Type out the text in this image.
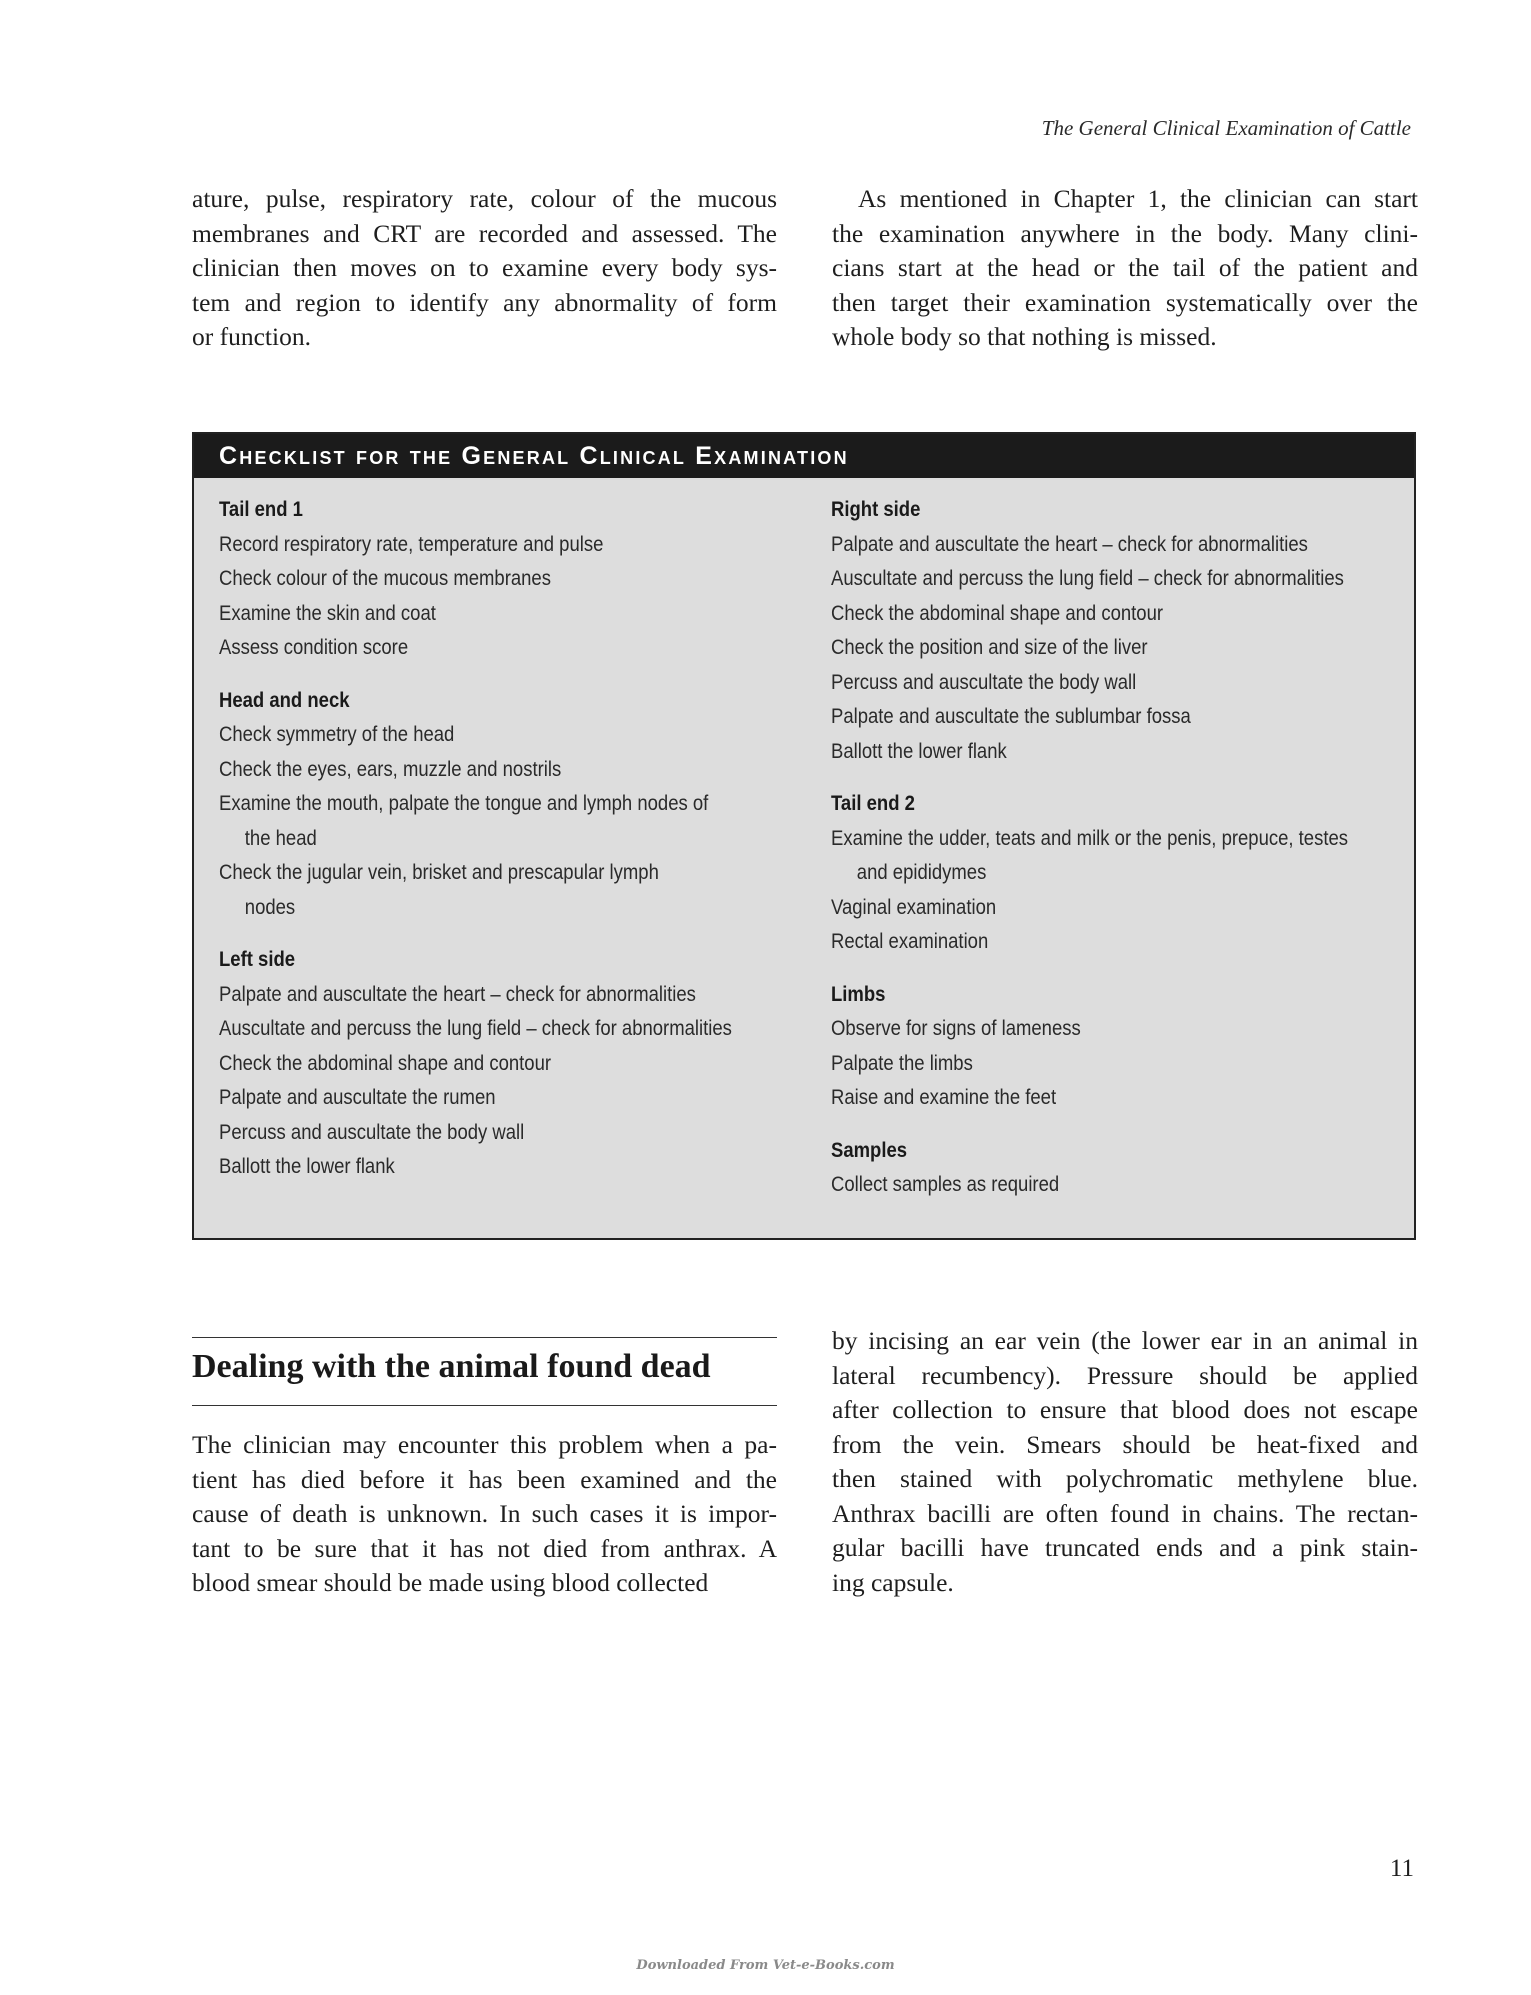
The General Clinical Examination of Cattle
ature, pulse, respiratory rate, colour of the mucous
membranes and CRT are recorded and assessed. The
clinician then moves on to examine every body sys-
tem and region to identify any abnormality of form
or function.
As mentioned in Chapter 1, the clinician can start
the examination anywhere in the body. Many clini-
cians start at the head or the tail of the patient and
then target their examination systematically over the
whole body so that nothing is missed.
Checklist for the General Clinical Examination
Tail end 1
Record respiratory rate, temperature and pulse
Check colour of the mucous membranes
Examine the skin and coat
Assess condition score
Head and neck
Check symmetry of the head
Check the eyes, ears, muzzle and nostrils
Examine the mouth, palpate the tongue and lymph nodes of
the head
Check the jugular vein, brisket and prescapular lymph
nodes
Left side
Palpate and auscultate the heart – check for abnormalities
Auscultate and percuss the lung field – check for abnormalities
Check the abdominal shape and contour
Palpate and auscultate the rumen
Percuss and auscultate the body wall
Ballott the lower flank
Right side
Palpate and auscultate the heart – check for abnormalities
Auscultate and percuss the lung field – check for abnormalities
Check the abdominal shape and contour
Check the position and size of the liver
Percuss and auscultate the body wall
Palpate and auscultate the sublumbar fossa
Ballott the lower flank
Tail end 2
Examine the udder, teats and milk or the penis, prepuce, testes
and epididymes
Vaginal examination
Rectal examination
Limbs
Observe for signs of lameness
Palpate the limbs
Raise and examine the feet
Samples
Collect samples as required
Dealing with the animal found dead
The clinician may encounter this problem when a pa-
tient has died before it has been examined and the
cause of death is unknown. In such cases it is impor-
tant to be sure that it has not died from anthrax. A
blood smear should be made using blood collected
by incising an ear vein (the lower ear in an animal in
lateral recumbency). Pressure should be applied
after collection to ensure that blood does not escape
from the vein. Smears should be heat-fixed and
then stained with polychromatic methylene blue.
Anthrax bacilli are often found in chains. The rectan-
gular bacilli have truncated ends and a pink stain-
ing capsule.
11
Downloaded From Vet-e-Books.com
